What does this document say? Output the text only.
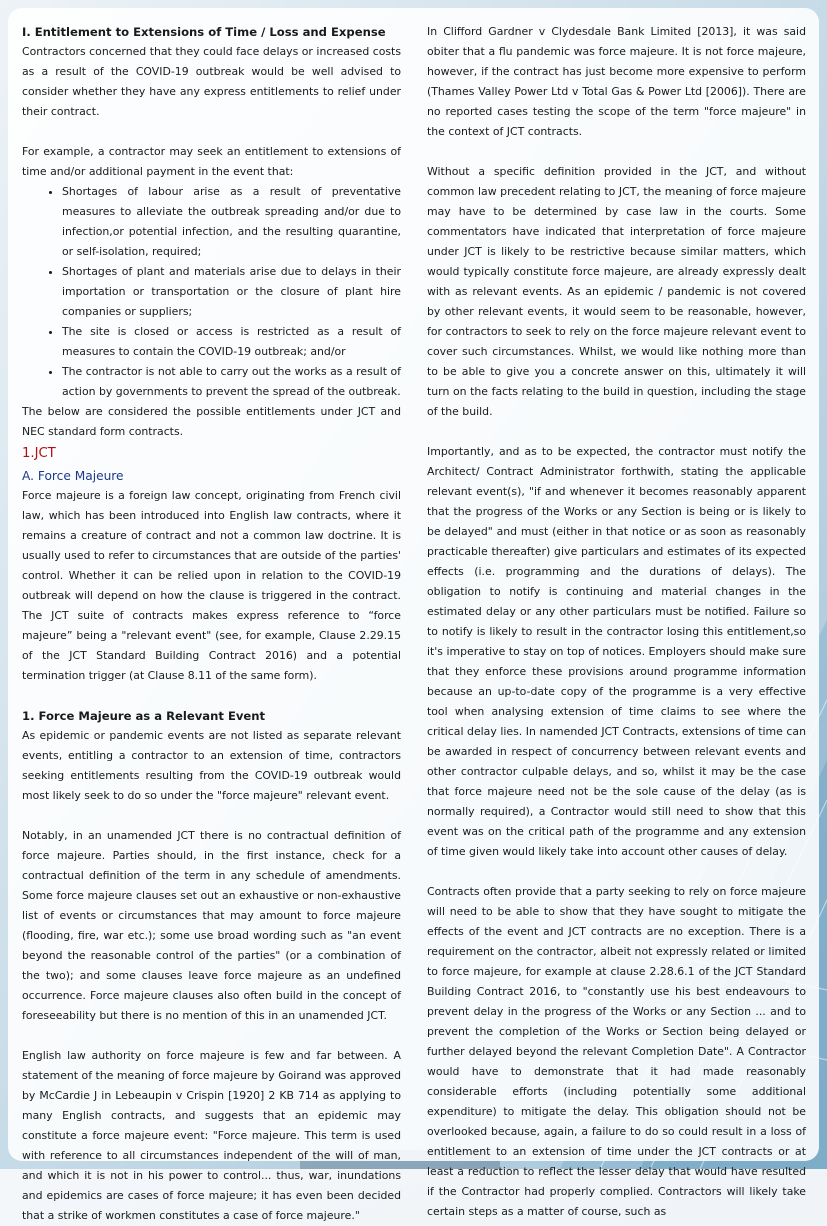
I. Entitlement to Extensions of Time / Loss and Expense

Contractors concerned that they could face delays or increased costs as a result of the COVID-19 outbreak would be well advised to consider whether they have any express entitlements to relief under their contract.

For example, a contractor may seek an entitlement to extensions of time and/or additional payment in the event that:

• Shortages of labour arise as a result of preventative measures to alleviate the outbreak spreading and/or due to infection,or potential infection, and the resulting quarantine, or self-isolation, required;
• Shortages of plant and materials arise due to delays in their importation or transportation or the closure of plant hire companies or suppliers;
• The site is closed or access is restricted as a result of measures to contain the COVID-19 outbreak; and/or
• The contractor is not able to carry out the works as a result of action by governments to prevent the spread of the outbreak.

The below are considered the possible entitlements under JCT and NEC standard form contracts.

1.JCT

A. Force Majeure

Force majeure is a foreign law concept, originating from French civil law, which has been introduced into English law contracts, where it remains a creature of contract and not a common law doctrine. It is usually used to refer to circumstances that are outside of the parties' control. Whether it can be relied upon in relation to the COVID-19 outbreak will depend on how the clause is triggered in the contract. The JCT suite of contracts makes express reference to “force majeure” being a "relevant event" (see, for example, Clause 2.29.15 of the JCT Standard Building Contract 2016) and a potential termination trigger (at Clause 8.11 of the same form).

1. Force Majeure as a Relevant Event

As epidemic or pandemic events are not listed as separate relevant events, entitling a contractor to an extension of time, contractors seeking entitlements resulting from the COVID-19 outbreak would most likely seek to do so under the "force majeure" relevant event.

Notably, in an unamended JCT there is no contractual definition of force majeure. Parties should, in the first instance, check for a contractual definition of the term in any schedule of amendments. Some force majeure clauses set out an exhaustive or non-exhaustive list of events or circumstances that may amount to force majeure (flooding, fire, war etc.); some use broad wording such as "an event beyond the reasonable control of the parties" (or a combination of the two); and some clauses leave force majeure as an undefined occurrence. Force majeure clauses also often build in the concept of foreseeability but there is no mention of this in an unamended JCT.

English law authority on force majeure is few and far between. A statement of the meaning of force majeure by Goirand was approved by McCardie J in Lebeaupin v Crispin [1920] 2 KB 714 as applying to many English contracts, and suggests that an epidemic may constitute a force majeure event: "Force majeure. This term is used with reference to all circumstances independent of the will of man, and which it is not in his power to control... thus, war, inundations and epidemics are cases of force majeure; it has even been decided that a strike of workmen constitutes a case of force majeure."

In Clifford Gardner v Clydesdale Bank Limited [2013], it was said obiter that a flu pandemic was force majeure. It is not force majeure, however, if the contract has just become more expensive to perform (Thames Valley Power Ltd v Total Gas & Power Ltd [2006]). There are no reported cases testing the scope of the term "force majeure" in the context of JCT contracts.

Without a specific definition provided in the JCT, and without common law precedent relating to JCT, the meaning of force majeure may have to be determined by case law in the courts. Some commentators have indicated that interpretation of force majeure under JCT is likely to be restrictive because similar matters, which would typically constitute force majeure, are already expressly dealt with as relevant events. As an epidemic / pandemic is not covered by other relevant events, it would seem to be reasonable, however, for contractors to seek to rely on the force majeure relevant event to cover such circumstances. Whilst, we would like nothing more than to be able to give you a concrete answer on this, ultimately it will turn on the facts relating to the build in question, including the stage of the build.

Importantly, and as to be expected, the contractor must notify the Architect/ Contract Administrator forthwith, stating the applicable relevant event(s), "if and whenever it becomes reasonably apparent that the progress of the Works or any Section is being or is likely to be delayed" and must (either in that notice or as soon as reasonably practicable thereafter) give particulars and estimates of its expected effects (i.e. programming and the durations of delays). The obligation to notify is continuing and material changes in the estimated delay or any other particulars must be notified. Failure so to notify is likely to result in the contractor losing this entitlement,so it's imperative to stay on top of notices. Employers should make sure that they enforce these provisions around programme information because an up-to-date copy of the programme is a very effective tool when analysing extension of time claims to see where the critical delay lies. In namended JCT Contracts, extensions of time can be awarded in respect of concurrency between relevant events and other contractor culpable delays, and so, whilst it may be the case that force majeure need not be the sole cause of the delay (as is normally required), a Contractor would still need to show that this event was on the critical path of the programme and any extension of time given would likely take into account other causes of delay.

Contracts often provide that a party seeking to rely on force majeure will need to be able to show that they have sought to mitigate the effects of the event and JCT contracts are no exception. There is a requirement on the contractor, albeit not expressly related or limited to force majeure, for example at clause 2.28.6.1 of the JCT Standard Building Contract 2016, to "constantly use his best endeavours to prevent delay in the progress of the Works or any Section ... and to prevent the completion of the Works or Section being delayed or further delayed beyond the relevant Completion Date". A Contractor would have to demonstrate that it had made reasonably considerable efforts (including potentially some additional expenditure) to mitigate the delay. This obligation should not be overlooked because, again, a failure to do so could result in a loss of entitlement to an extension of time under the JCT contracts or at least a reduction to reflect the lesser delay that would have resulted if the Contractor had properly complied. Contractors will likely take certain steps as a matter of course, such as
